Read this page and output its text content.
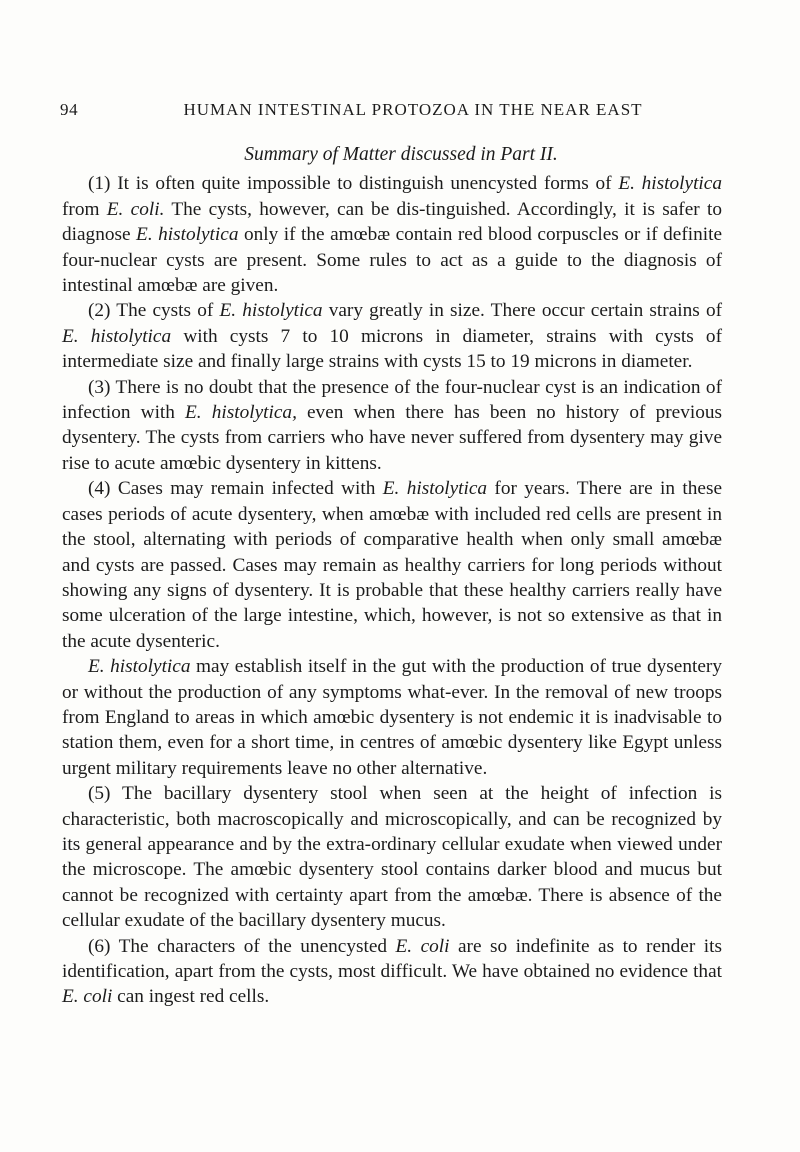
94	HUMAN INTESTINAL PROTOZOA IN THE NEAR EAST
Summary of Matter discussed in Part II.

(1) It is often quite impossible to distinguish unencysted forms of E. histolytica from E. coli. The cysts, however, can be dis-tinguished. Accordingly, it is safer to diagnose E. histolytica only if the amœbæ contain red blood corpuscles or if definite four-nuclear cysts are present. Some rules to act as a guide to the diagnosis of intestinal amœbæ are given.

(2) The cysts of E. histolytica vary greatly in size. There occur certain strains of E. histolytica with cysts 7 to 10 microns in diameter, strains with cysts of intermediate size and finally large strains with cysts 15 to 19 microns in diameter.

(3) There is no doubt that the presence of the four-nuclear cyst is an indication of infection with E. histolytica, even when there has been no history of previous dysentery. The cysts from carriers who have never suffered from dysentery may give rise to acute amœbic dysentery in kittens.

(4) Cases may remain infected with E. histolytica for years. There are in these cases periods of acute dysentery, when amœbæ with included red cells are present in the stool, alternating with periods of comparative health when only small amœbæ and cysts are passed. Cases may remain as healthy carriers for long periods without showing any signs of dysentery. It is probable that these healthy carriers really have some ulceration of the large intestine, which, however, is not so extensive as that in the acute dysenteric.

E. histolytica may establish itself in the gut with the production of true dysentery or without the production of any symptoms what-ever. In the removal of new troops from England to areas in which amœbic dysentery is not endemic it is inadvisable to station them, even for a short time, in centres of amœbic dysentery like Egypt unless urgent military requirements leave no other alternative.

(5) The bacillary dysentery stool when seen at the height of infection is characteristic, both macroscopically and microscopically, and can be recognized by its general appearance and by the extra-ordinary cellular exudate when viewed under the microscope. The amœbic dysentery stool contains darker blood and mucus but cannot be recognized with certainty apart from the amœbæ. There is absence of the cellular exudate of the bacillary dysentery mucus.

(6) The characters of the unencysted E. coli are so indefinite as to render its identification, apart from the cysts, most difficult. We have obtained no evidence that E. coli can ingest red cells.
